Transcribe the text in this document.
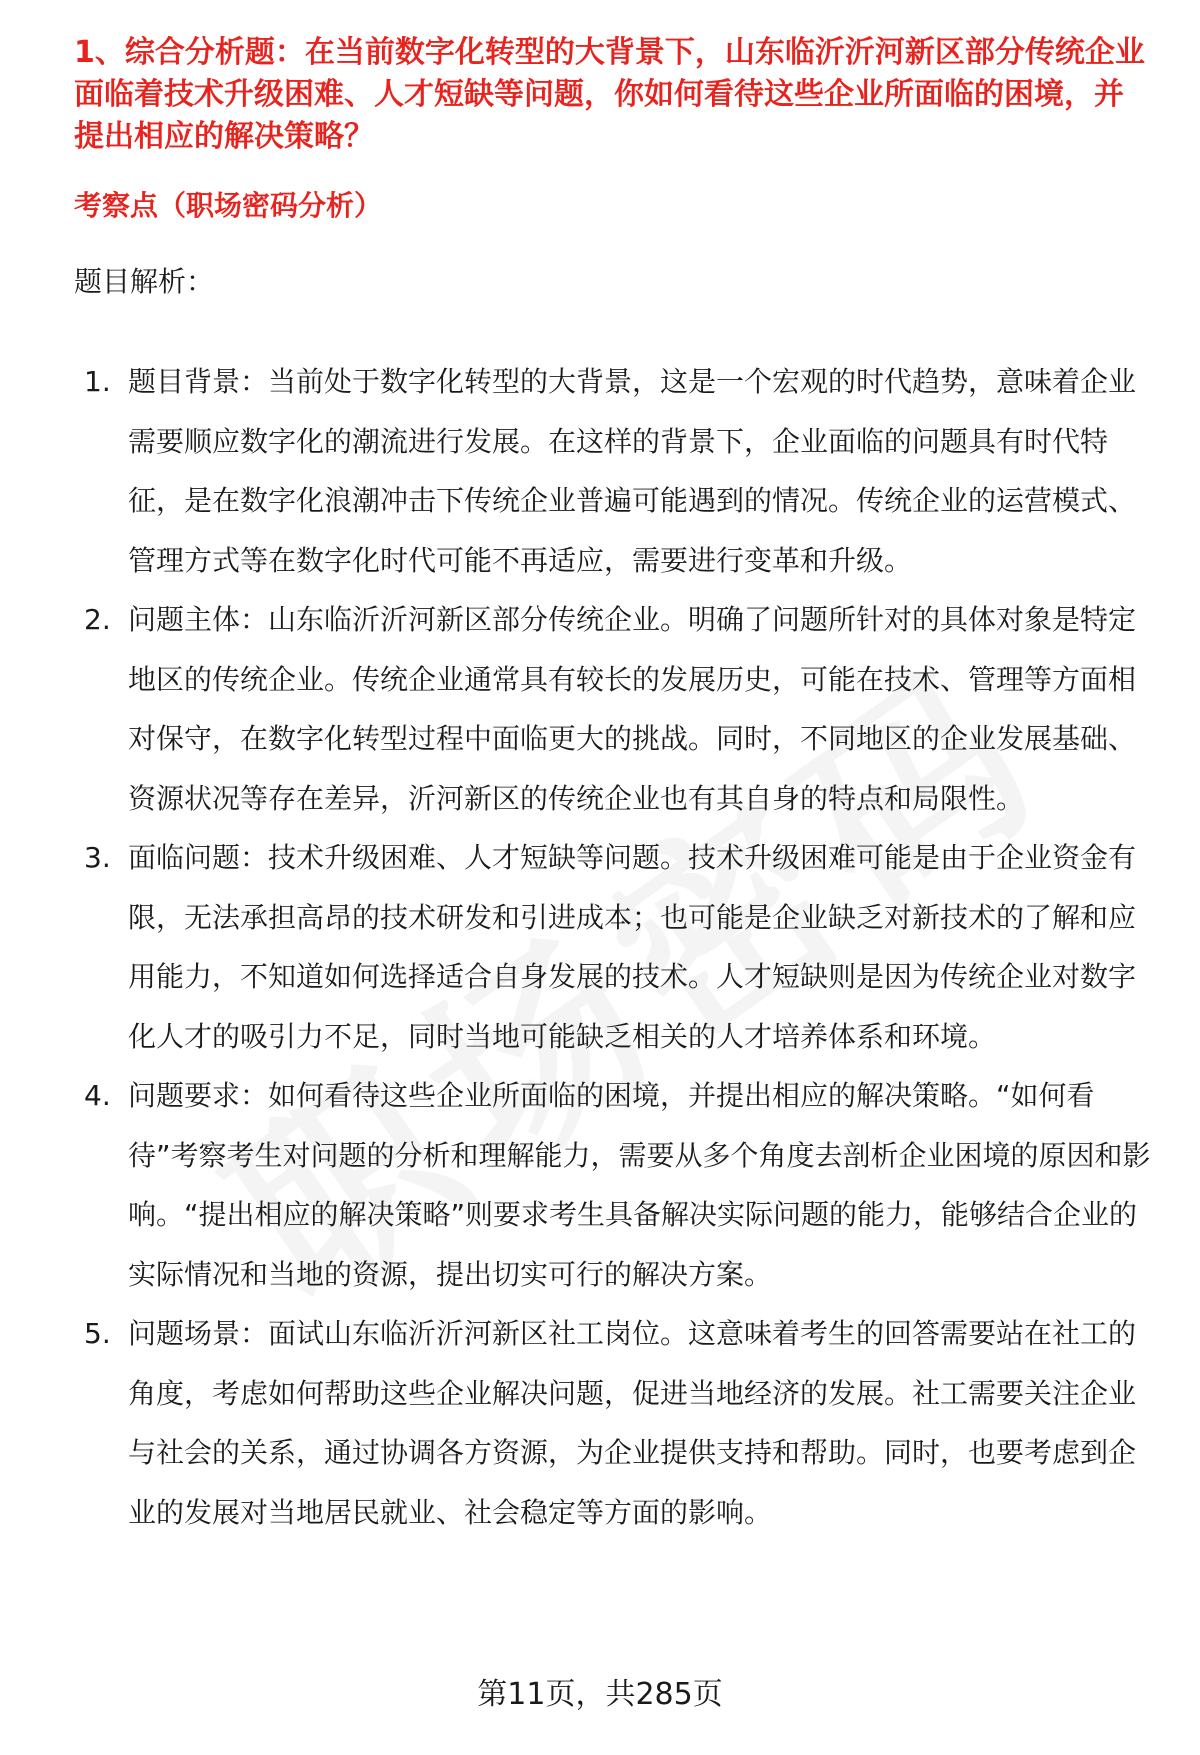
1、综合分析题：在当前数字化转型的大背景下，山东临沂沂河新区部分传统企业面临着技术升级困难、人才短缺等问题，你如何看待这些企业所面临的困境，并提出相应的解决策略？

考察点（职场密码分析）

题目解析：

1. 题目背景：当前处于数字化转型的大背景，这是一个宏观的时代趋势，意味着企业需要顺应数字化的潮流进行发展。在这样的背景下，企业面临的问题具有时代特征，是在数字化浪潮冲击下传统企业普遍可能遇到的情况。传统企业的运营模式、管理方式等在数字化时代可能不再适应，需要进行变革和升级。
2. 问题主体：山东临沂沂河新区部分传统企业。明确了问题所针对的具体对象是特定地区的传统企业。传统企业通常具有较长的发展历史，可能在技术、管理等方面相对保守，在数字化转型过程中面临更大的挑战。同时，不同地区的企业发展基础、资源状况等存在差异，沂河新区的传统企业也有其自身的特点和局限性。
3. 面临问题：技术升级困难、人才短缺等问题。技术升级困难可能是由于企业资金有限，无法承担高昂的技术研发和引进成本；也可能是企业缺乏对新技术的了解和应用能力，不知道如何选择适合自身发展的技术。人才短缺则是因为传统企业对数字化人才的吸引力不足，同时当地可能缺乏相关的人才培养体系和环境。
4. 问题要求：如何看待这些企业所面临的困境，并提出相应的解决策略。“如何看待”考察考生对问题的分析和理解能力，需要从多个角度去剖析企业困境的原因和影响。“提出相应的解决策略”则要求考生具备解决实际问题的能力，能够结合企业的实际情况和当地的资源，提出切实可行的解决方案。
5. 问题场景：面试山东临沂沂河新区社工岗位。这意味着考生的回答需要站在社工的角度，考虑如何帮助这些企业解决问题，促进当地经济的发展。社工需要关注企业与社会的关系，通过协调各方资源，为企业提供支持和帮助。同时，也要考虑到企业的发展对当地居民就业、社会稳定等方面的影响。
第11页，共285页
